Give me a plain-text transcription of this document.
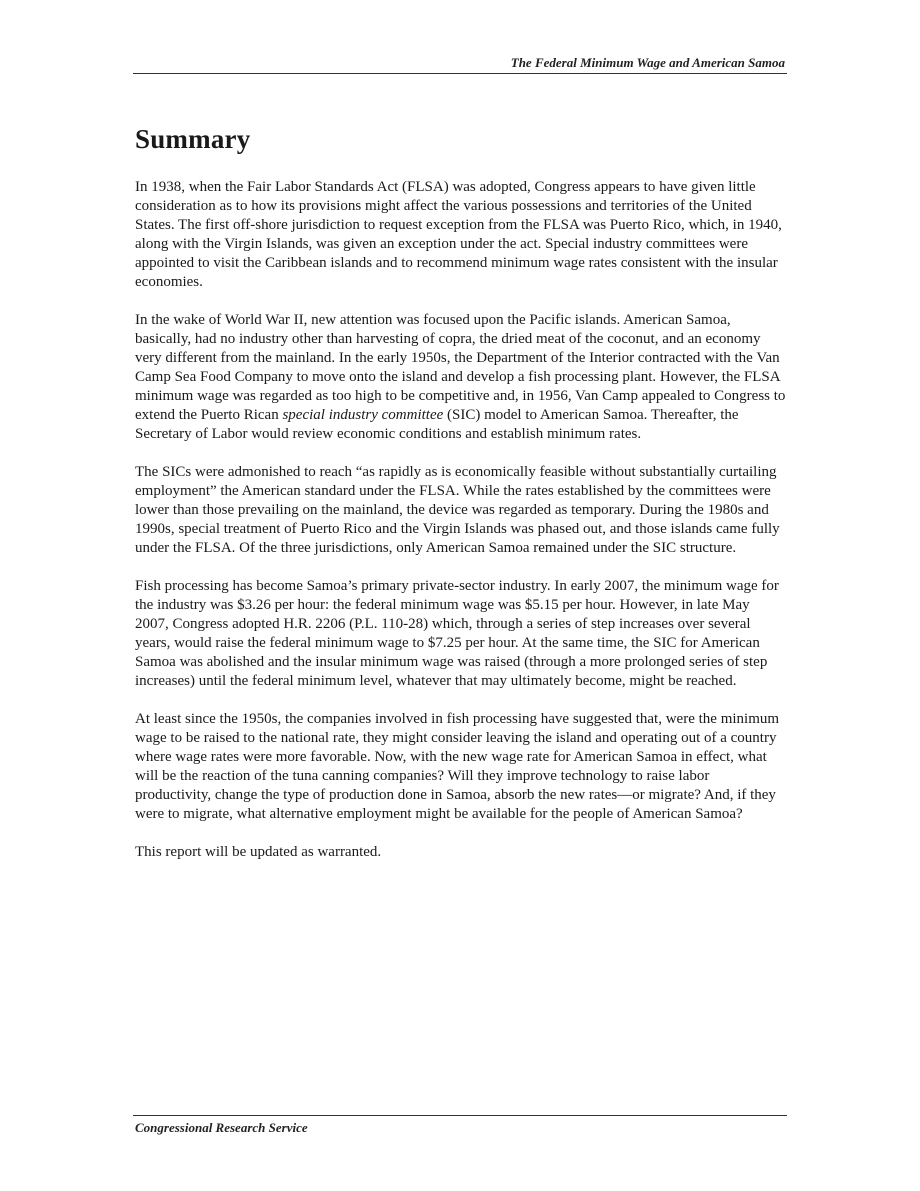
The Federal Minimum Wage and American Samoa
Summary

In 1938, when the Fair Labor Standards Act (FLSA) was adopted, Congress appears to have given little consideration as to how its provisions might affect the various possessions and territories of the United States. The first off-shore jurisdiction to request exception from the FLSA was Puerto Rico, which, in 1940, along with the Virgin Islands, was given an exception under the act. Special industry committees were appointed to visit the Caribbean islands and to recommend minimum wage rates consistent with the insular economies.

In the wake of World War II, new attention was focused upon the Pacific islands. American Samoa, basically, had no industry other than harvesting of copra, the dried meat of the coconut, and an economy very different from the mainland. In the early 1950s, the Department of the Interior contracted with the Van Camp Sea Food Company to move onto the island and develop a fish processing plant. However, the FLSA minimum wage was regarded as too high to be competitive and, in 1956, Van Camp appealed to Congress to extend the Puerto Rican special industry committee (SIC) model to American Samoa. Thereafter, the Secretary of Labor would review economic conditions and establish minimum rates.

The SICs were admonished to reach “as rapidly as is economically feasible without substantially curtailing employment” the American standard under the FLSA. While the rates established by the committees were lower than those prevailing on the mainland, the device was regarded as temporary. During the 1980s and 1990s, special treatment of Puerto Rico and the Virgin Islands was phased out, and those islands came fully under the FLSA. Of the three jurisdictions, only American Samoa remained under the SIC structure.

Fish processing has become Samoa’s primary private-sector industry. In early 2007, the minimum wage for the industry was $3.26 per hour: the federal minimum wage was $5.15 per hour. However, in late May 2007, Congress adopted H.R. 2206 (P.L. 110-28) which, through a series of step increases over several years, would raise the federal minimum wage to $7.25 per hour. At the same time, the SIC for American Samoa was abolished and the insular minimum wage was raised (through a more prolonged series of step increases) until the federal minimum level, whatever that may ultimately become, might be reached.

At least since the 1950s, the companies involved in fish processing have suggested that, were the minimum wage to be raised to the national rate, they might consider leaving the island and operating out of a country where wage rates were more favorable. Now, with the new wage rate for American Samoa in effect, what will be the reaction of the tuna canning companies? Will they improve technology to raise labor productivity, change the type of production done in Samoa, absorb the new rates—or migrate? And, if they were to migrate, what alternative employment might be available for the people of American Samoa?

This report will be updated as warranted.

Congressional Research Service
